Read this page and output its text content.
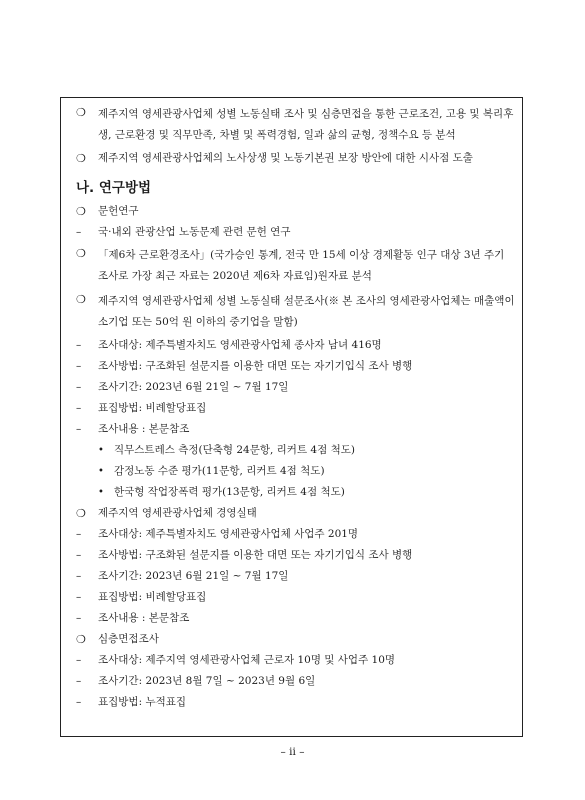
❍	제주지역 영세관광사업체 성별 노동실태 조사 및 심층면접을 통한 근로조건, 고용 및 복리후생, 근로환경 및 직무만족, 차별 및 폭력경험, 일과 삶의 균형, 정책수요 등 분석
❍	제주지역 영세관광사업체의 노사상생 및 노동기본권 보장 방안에 대한 시사점 도출
나. 연구방법
❍	문헌연구
–	국·내외 관광산업 노동문제 관련 문헌 연구
❍	「제6차 근로환경조사」(국가승인 통계, 전국 만 15세 이상 경제활동 인구 대상 3년 주기 조사로 가장 최근 자료는 2020년 제6차 자료임)원자료 분석
❍	제주지역 영세관광사업체 성별 노동실태 설문조사(※ 본 조사의 영세관광사업체는 매출액이 소기업 또는 50억 원 이하의 중기업을 말함)
–	조사대상: 제주특별자치도 영세관광사업체 종사자 남녀 416명
–	조사방법: 구조화된 설문지를 이용한 대면 또는 자기기입식 조사 병행
–	조사기간: 2023년 6월 21일 ~ 7월 17일
–	표집방법: 비례할당표집
–	조사내용 : 본문참조
• 직무스트레스 측정(단축형 24문항, 리커트 4점 척도)
• 감정노동 수준 평가(11문항, 리커트 4점 척도)
• 한국형 작업장폭력 평가(13문항, 리커트 4점 척도)
❍	제주지역 영세관광사업체 경영실태
–	조사대상: 제주특별자치도 영세관광사업체 사업주 201명
–	조사방법: 구조화된 설문지를 이용한 대면 또는 자기기입식 조사 병행
–	조사기간: 2023년 6월 21일 ~ 7월 17일
–	표집방법: 비례할당표집
–	조사내용 : 본문참조
❍	심층면접조사
–	조사대상: 제주지역 영세관광사업체 근로자 10명 및 사업주 10명
–	조사기간: 2023년 8월 7일 ~ 2023년 9월 6일
–	표집방법: 누적표집
– ii –
